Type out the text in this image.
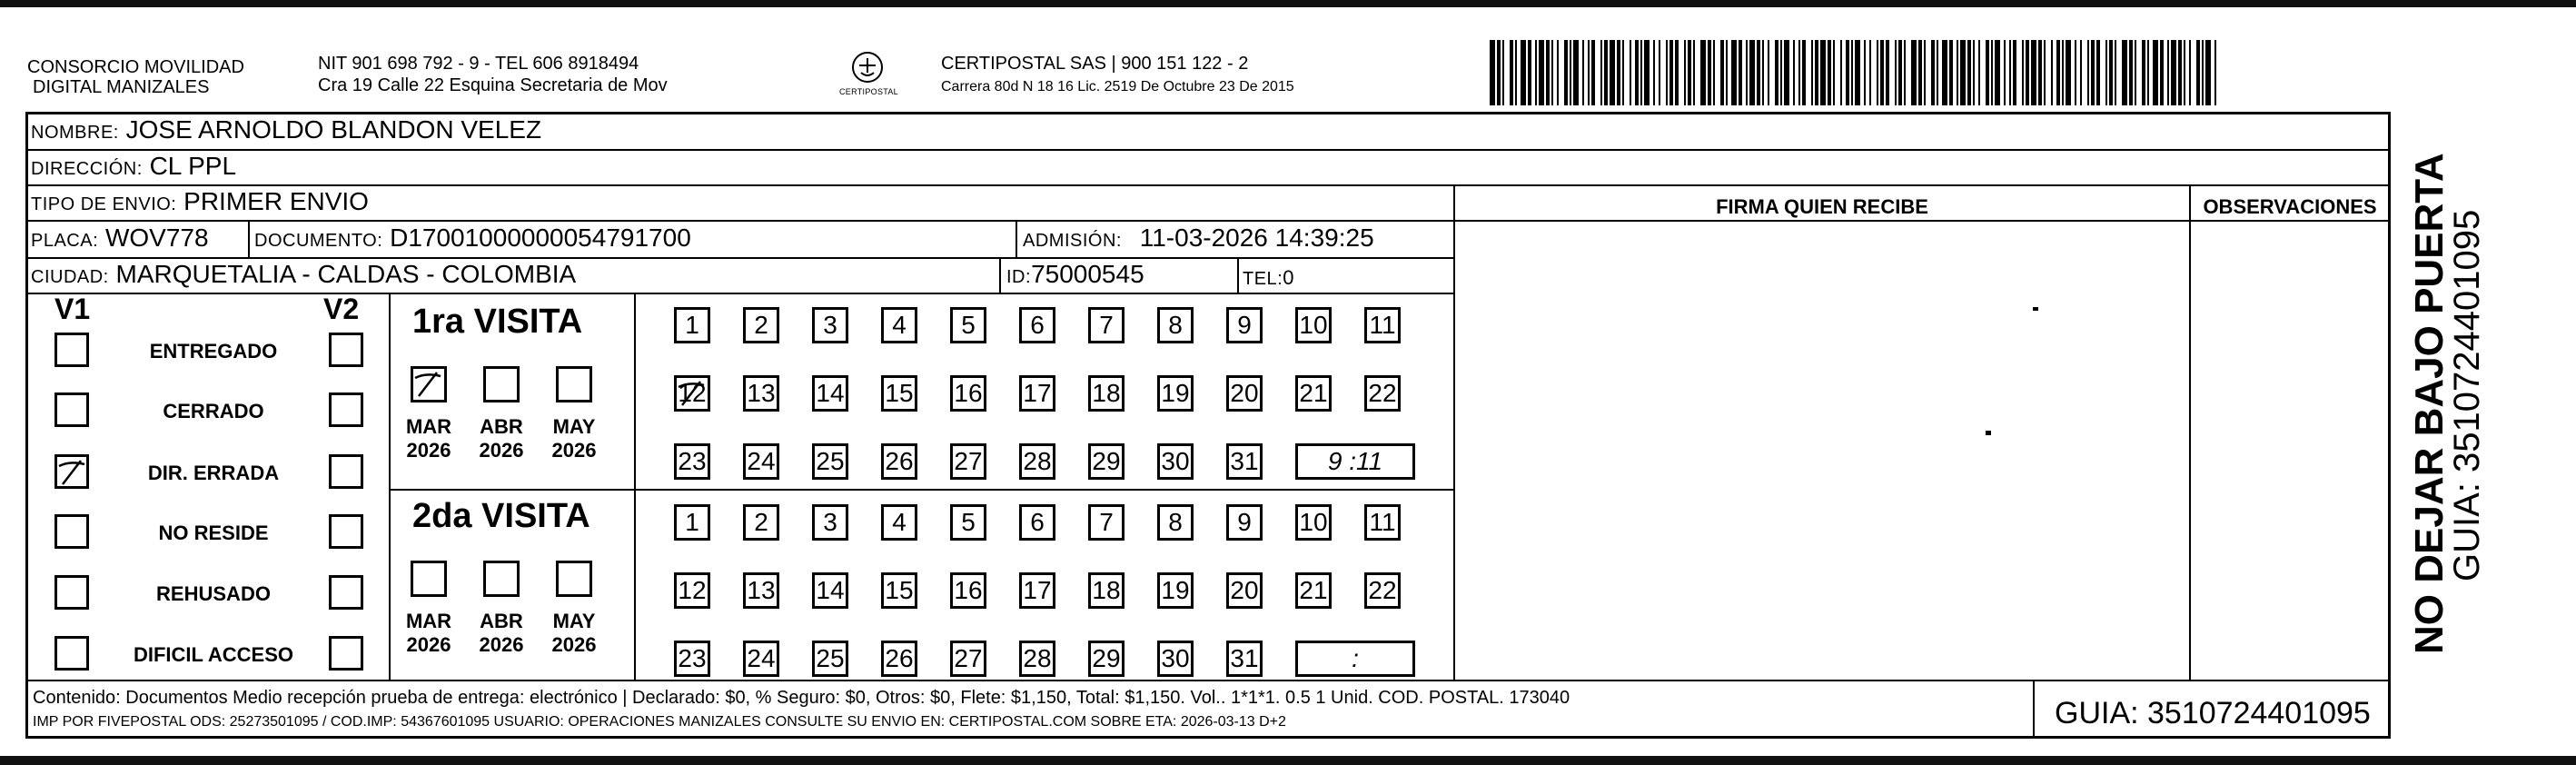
CONSORCIO MOVILIDAD
DIGITAL MANIZALES
NIT 901 698 792 - 9 - TEL 606 8918494
Cra 19 Calle 22 Esquina Secretaria de Mov	CERTIPOSTAL
CERTIPOSTAL SAS | 900 151 122 - 2
Carrera 80d N 18 16 Lic. 2519 De Octubre 23 De 2015
NOMBRE: JOSE ARNOLDO BLANDON VELEZ
DIRECCIÓN: CL PPL
TIPO DE ENVIO: PRIMER ENVIO
PLACA: WOV778	DOCUMENTO: D17001000000054791700	ADMISIÓN: 11-03-2026 14:39:25
CIUDAD: MARQUETALIA - CALDAS - COLOMBIA	ID:75000545	TEL:0
FIRMA QUIEN RECIBE	OBSERVACIONES
V1	V2
ENTREGADO
CERRADO
DIR. ERRADA
NO RESIDE
REHUSADO
DIFICIL ACCESO
1ra VISITA
2da VISITA
MAR
2026
ABR
2026
MAY
2026
MAR
2026
ABR
2026
MAY
2026
1	2	3	4	5	6	7	8	9	10 11
12 13 14 15 16 17 18 19 20 21 22
23 24 25 26 27 28 29 30 31	9 :11
1	2	3	4	5	6	7	8	9	10 11
12 13 14 15 16 17 18 19 20 21 22
23 24 25 26 27 28 29 30 31	:
Contenido: Documentos Medio recepción prueba de entrega: electrónico | Declarado: $0, % Seguro: $0, Otros: $0, Flete: $1,150, Total: $1,150. Vol.. 1*1*1. 0.5 1 Unid. COD. POSTAL. 173040
IMP POR FIVEPOSTAL ODS: 25273501095 / COD.IMP: 54367601095 USUARIO: OPERACIONES MANIZALES CONSULTE SU ENVIO EN: CERTIPOSTAL.COM SOBRE ETA: 2026-03-13 D+2	GUIA: 3510724401095
NO DEJAR BAJO PUERTA
GUIA: 3510724401095
